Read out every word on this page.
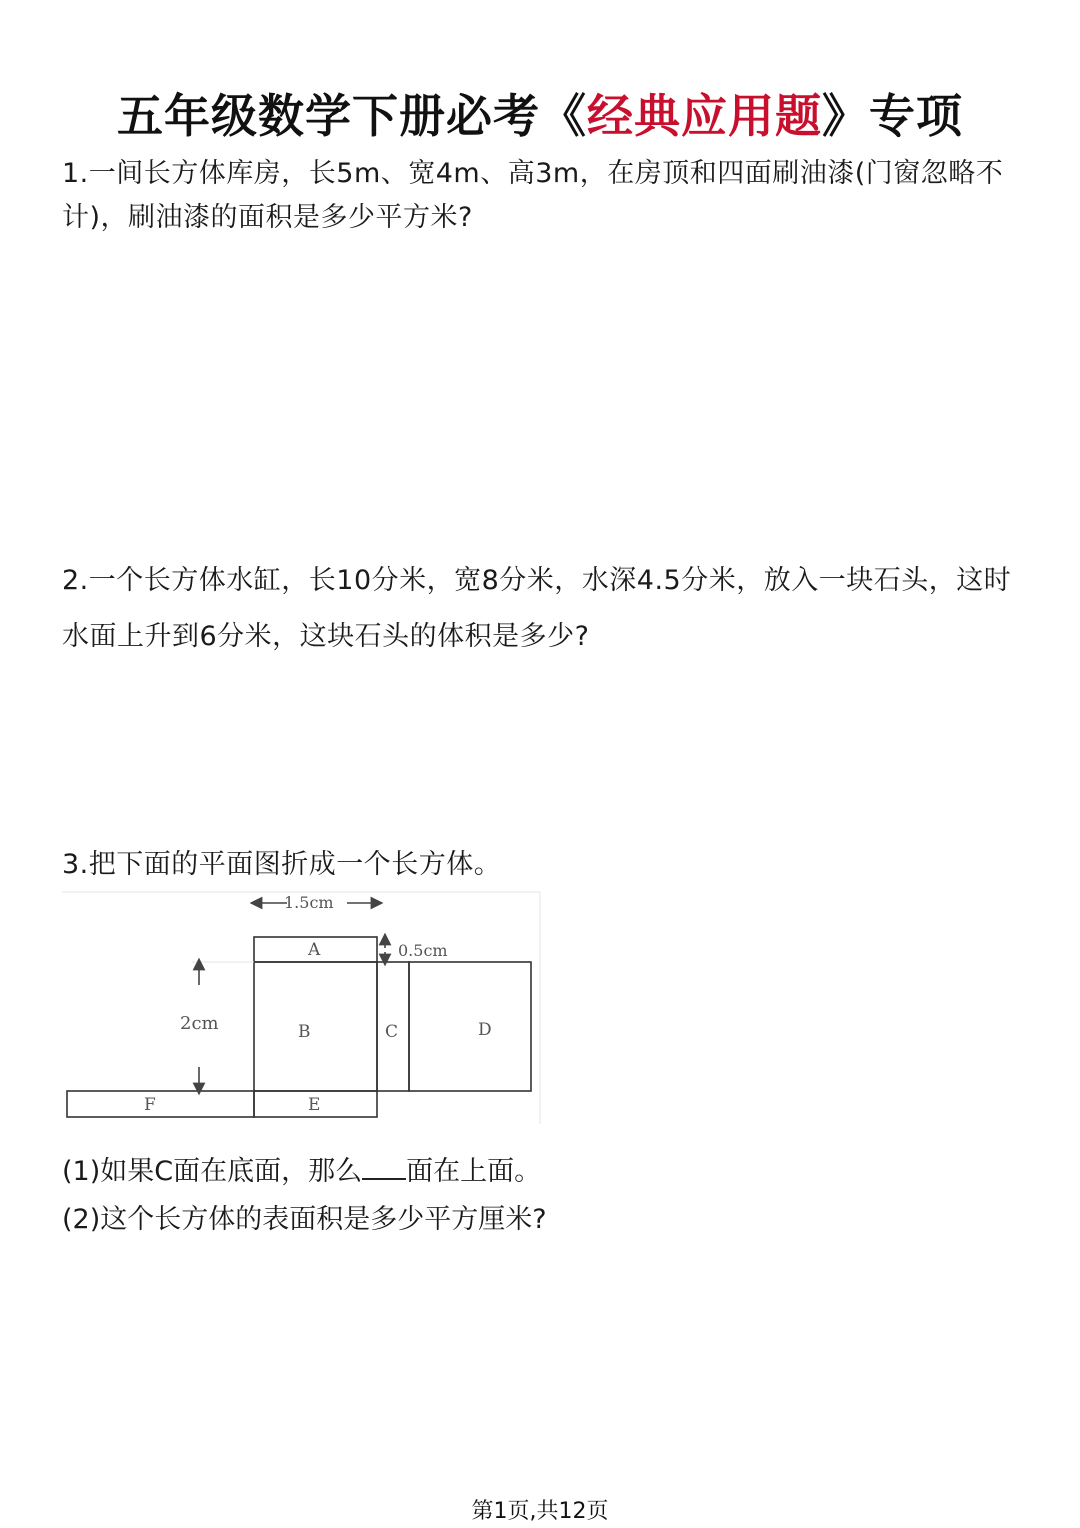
五年级数学下册必考《经典应用题》专项
1.一间长方体库房，长5m、宽4m、高3m，在房顶和四面刷油漆(门窗忽略不计)，刷油漆的面积是多少平方米?
2.一个长方体水缸，长10分米，宽8分米，水深4.5分米，放入一块石头，这时水面上升到6分米，这块石头的体积是多少?
3.把下面的平面图折成一个长方体。
1.5cm
0.5cm
2cm
A
B	C	D
E
F
(1)如果C面在底面，那么 面在上面。
(2)这个长方体的表面积是多少平方厘米?
第1页,共12页
